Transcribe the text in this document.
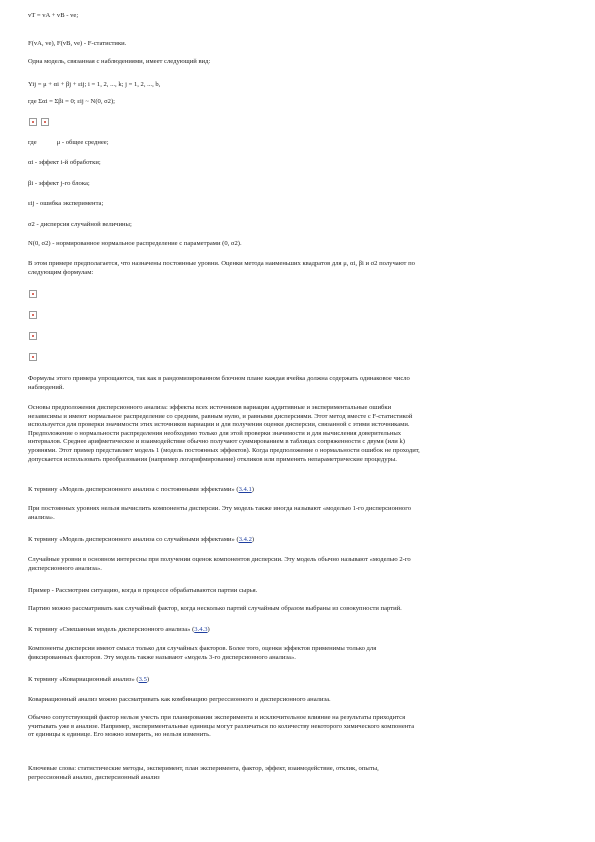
vT = vA + vB - ve;
F(vA, ve), F(vB, ve) - F-статистики.
Одна модель, связанная с наблюдениями, имеет следующий вид:
Yij = μ + αi + βj + εij; i = 1, 2, ..., k; j = 1, 2, ..., b,
где Σαi = Σβi = 0; εij ~ N(0, σ2);
где	μ - общее среднее;
αi - эффект i-й обработки;
βi - эффект j-го блока;
εij - ошибка эксперимента;
σ2 - дисперсия случайной величины;
N(0, σ2) - нормированное нормальное распределение с параметрами (0, σ2).
В этом примере предполагается, что назначены постоянные уровни. Оценки метода наименьших квадратов для μ, αi, βi и σ2 получают по
следующим формулам:
Формулы этого примера упрощаются, так как в рандомизированном блочном плане каждая ячейка должна содержать одинаковое число
наблюдений.
Основы предположения дисперсионного анализа: эффекты всех источников вариации аддитивные и экспериментальные ошибки
независимы и имеют нормальное распределение со средним, равным нулю, и равными дисперсиями. Этот метод вместе с F-статистикой
используется для проверки значимости этих источников вариации и для получения оценки дисперсии, связанной с этими источниками.
Предположение о нормальности распределения необходимо только для этой проверки значимости и для вычисления доверительных
интервалов. Среднее арифметическое и взаимодействие обычно получают суммированием в таблицах сопряженности с двумя (или k)
уровнями. Этот пример представляет модель 1 (модель постоянных эффектов). Когда предположение о нормальности ошибок не проходит,
допускается использовать преобразования (например логарифмирование) откликов или применять непараметрические процедуры.
К термину «Модель дисперсионного анализа с постоянными эффектами» (3.4.1)
При постоянных уровнях нельзя вычислить компоненты дисперсии. Эту модель также иногда называют «моделью 1-го дисперсионного
анализа».
К термину «Модель дисперсионного анализа со случайными эффектами» (3.4.2)
Случайные уровни в основном интересны при получении оценок компонентов дисперсии. Эту модель обычно называют «моделью 2-го
дисперсионного анализа».
Пример - Рассмотрим ситуацию, когда в процессе обрабатываются партии сырья.
Партию можно рассматривать как случайный фактор, когда несколько партий случайным образом выбраны из совокупности партий.
К термину «Смешанная модель дисперсионного анализа» (3.4.3)
Компоненты дисперсии имеют смысл только для случайных факторов. Более того, оценки эффектов применимы только для
фиксированных факторов. Эту модель также называют «модель 3-го дисперсионного анализа».
К термину «Ковариационный анализ» (3.5)
Ковариационный анализ можно рассматривать как комбинацию регрессионного и дисперсионного анализа.
Обычно сопутствующий фактор нельзя учесть при планировании эксперимента и исключительное влияние на результаты приходится
учитывать уже в анализе. Например, экспериментальные единицы могут различаться по количеству некоторого химического компонента
от единицы к единице. Его можно измерить, но нельзя изменить.
Ключевые слова: статистические методы, эксперимент, план эксперимента, фактор, эффект, взаимодействие, отклик, опыты,
регрессионный анализ, дисперсионный анализ
